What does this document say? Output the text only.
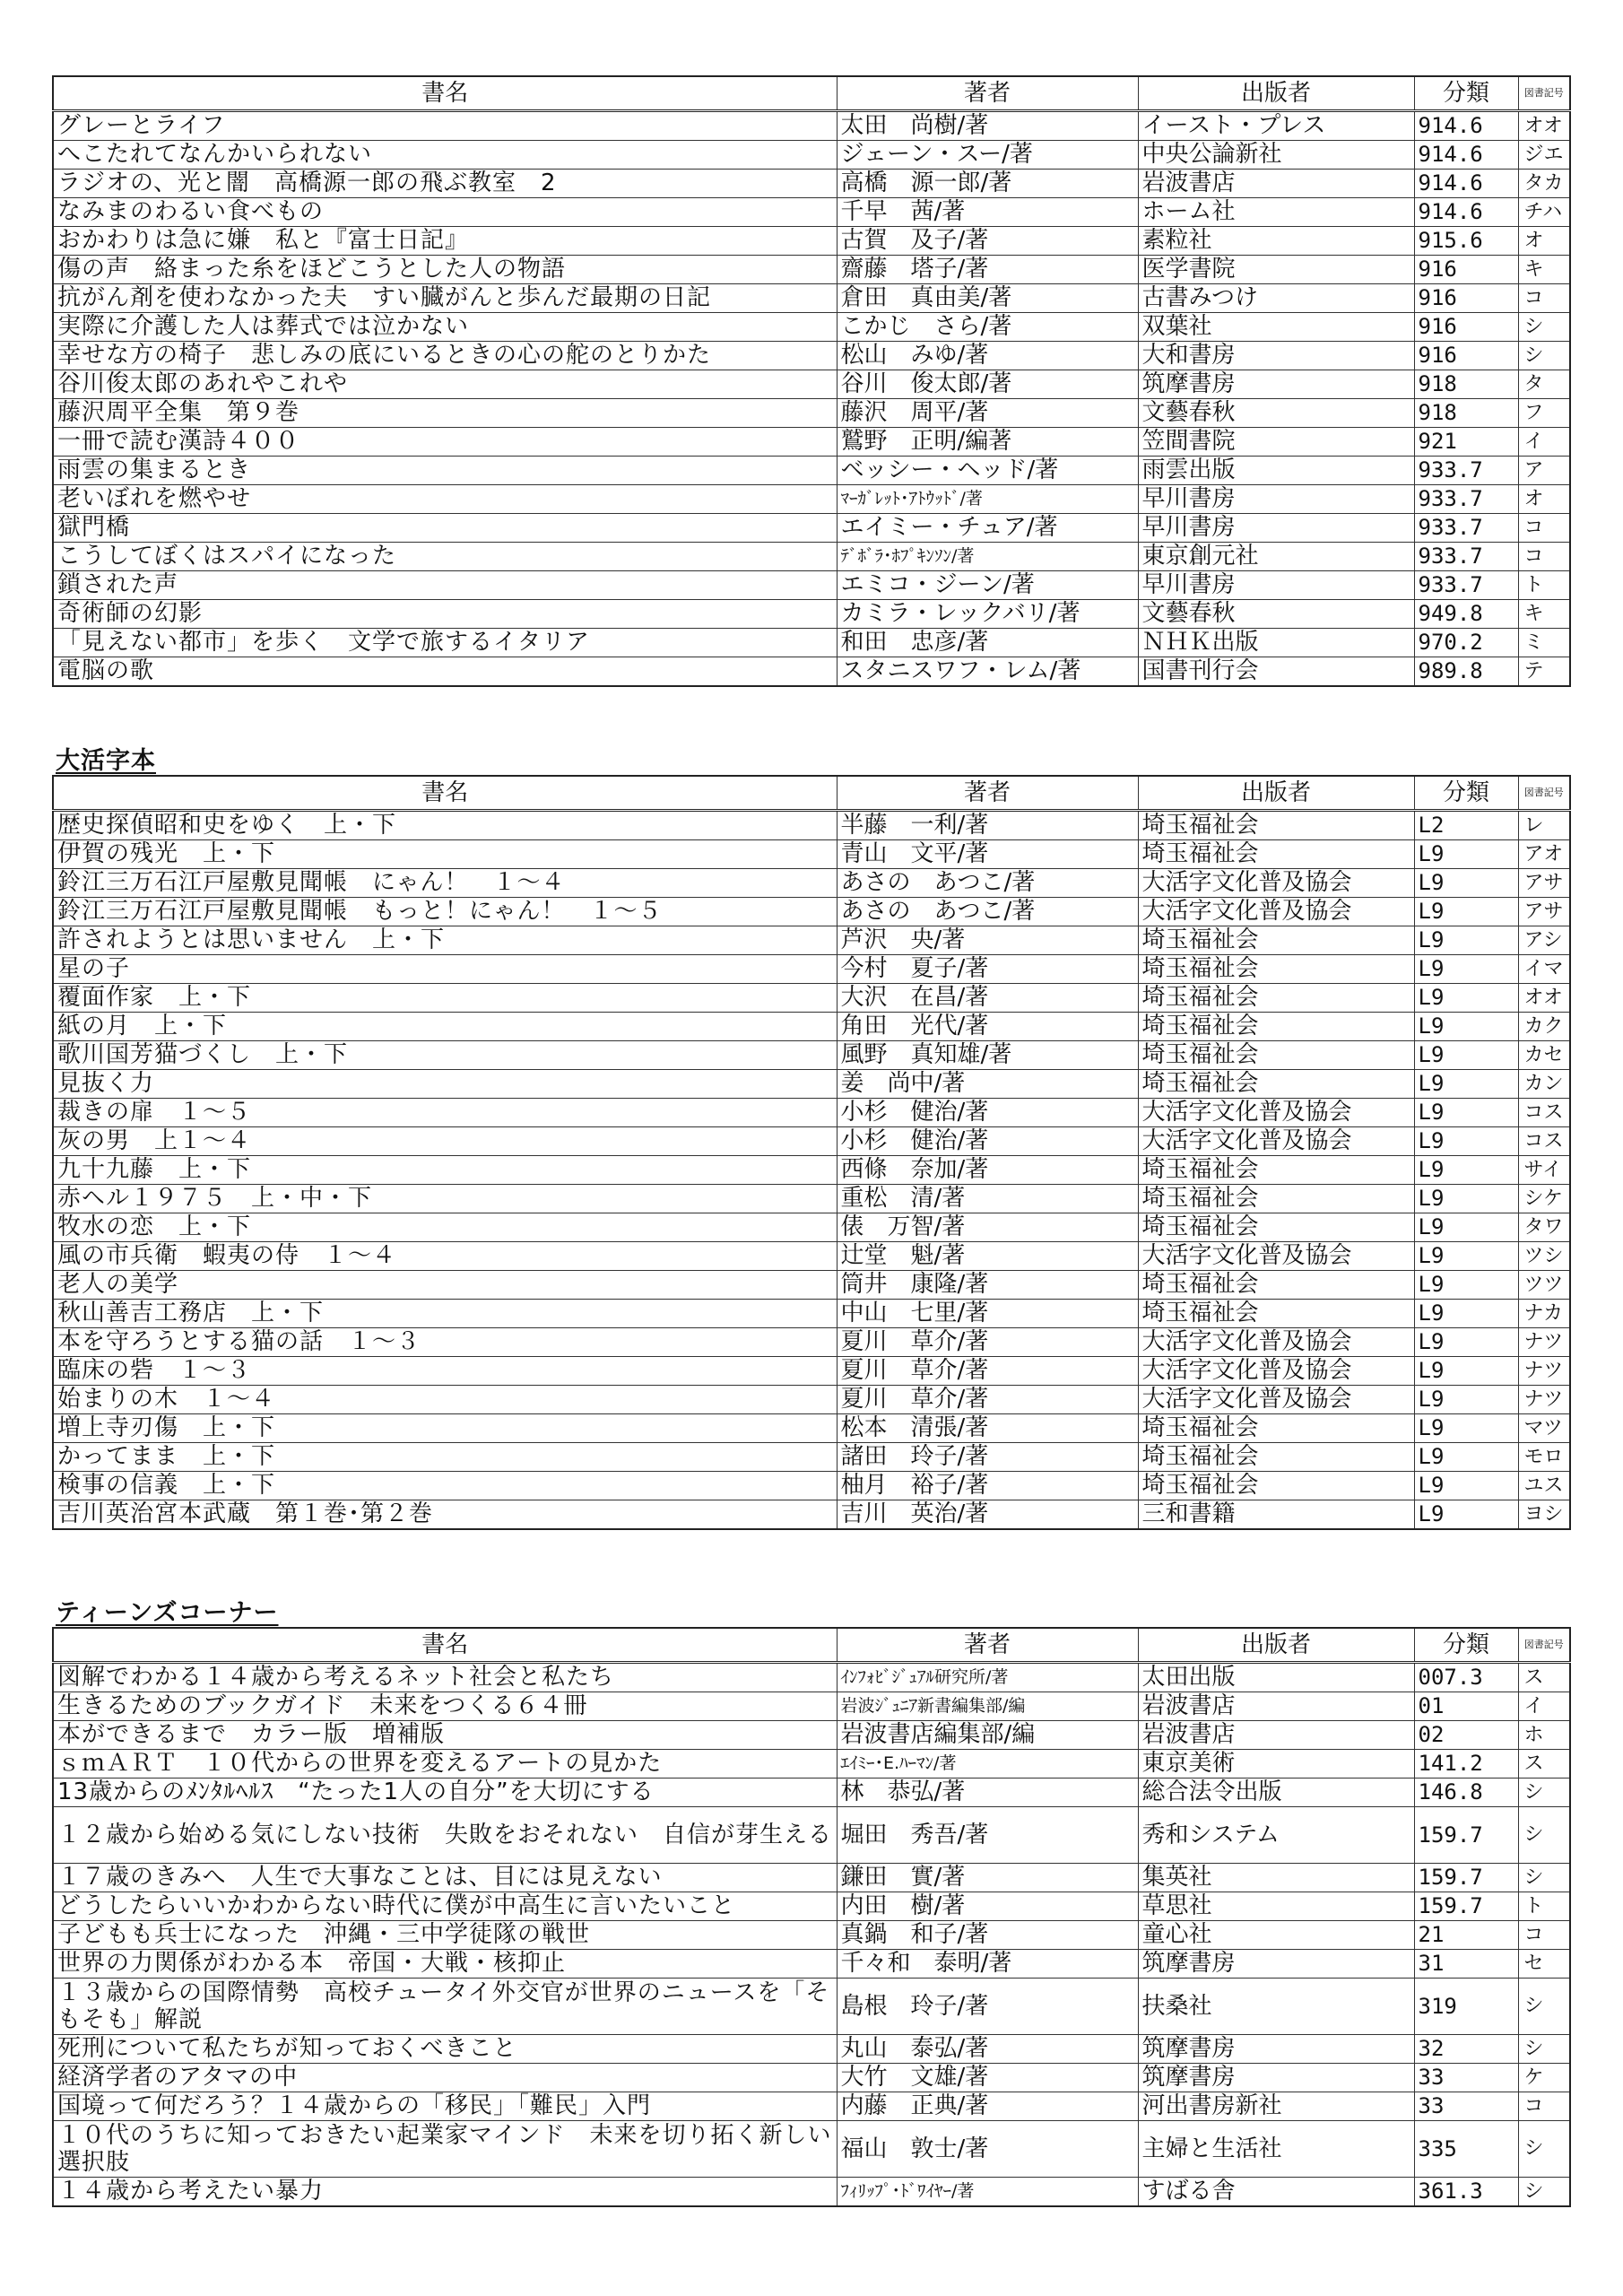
書名	著者	出版者	分類	図書記号
グレーとライフ	太田　尚樹/著	イースト・プレス	914.6	オオ
へこたれてなんかいられない	ジェーン・スー/著	中央公論新社	914.6	ジエ
ラジオの、光と闇　高橋源一郎の飛ぶ教室　2	高橋　源一郎/著	岩波書店	914.6	タカ
なみまのわるい食べもの	千早　茜/著	ホーム社	914.6	チハ
おかわりは急に嫌　私と『富士日記』	古賀　及子/著	素粒社	915.6	オ
傷の声　絡まった糸をほどこうとした人の物語	齋藤　塔子/著	医学書院	916	キ
抗がん剤を使わなかった夫　すい臓がんと歩んだ最期の日記	倉田　真由美/著	古書みつけ	916	コ
実際に介護した人は葬式では泣かない	こかじ　さら/著	双葉社	916	シ
幸せな方の椅子　悲しみの底にいるときの心の舵のとりかた	松山　みゆ/著	大和書房	916	シ
谷川俊太郎のあれやこれや	谷川　俊太郎/著	筑摩書房	918	タ
藤沢周平全集　第９巻	藤沢　周平/著	文藝春秋	918	フ
一冊で読む漢詩４００	鷲野　正明/編著	笠間書院	921	イ
雨雲の集まるとき	ベッシー・ヘッド/著	雨雲出版	933.7	ア
老いぼれを燃やせ	ﾏｰｶﾞﾚｯﾄ･ｱﾄｳｯﾄﾞ/著	早川書房	933.7	オ
獄門橋	エイミー・チュア/著	早川書房	933.7	コ
こうしてぼくはスパイになった	ﾃﾞﾎﾞﾗ･ﾎﾌﾟｷﾝｿﾝ/著	東京創元社	933.7	コ
鎖された声	エミコ・ジーン/著	早川書房	933.7	ト
奇術師の幻影	カミラ・レックバリ/著	文藝春秋	949.8	キ
「見えない都市」を歩く　文学で旅するイタリア	和田　忠彦/著	ＮＨＫ出版	970.2	ミ
電脳の歌	スタニスワフ・レム/著	国書刊行会	989.8	テ
大活字本
書名	著者	出版者	分類	図書記号
歴史探偵昭和史をゆく　上・下	半藤　一利/著	埼玉福祉会	L2	レ
伊賀の残光　上・下	青山　文平/著	埼玉福祉会	L9	アオ
鈴江三万石江戸屋敷見聞帳　にゃん！　１～４	あさの　あつこ/著	大活字文化普及協会	L9	アサ
鈴江三万石江戸屋敷見聞帳　もっと！にゃん！　１～５	あさの　あつこ/著	大活字文化普及協会	L9	アサ
許されようとは思いません　上・下	芦沢　央/著	埼玉福祉会	L9	アシ
星の子	今村　夏子/著	埼玉福祉会	L9	イマ
覆面作家　上・下	大沢　在昌/著	埼玉福祉会	L9	オオ
紙の月　上・下	角田　光代/著	埼玉福祉会	L9	カク
歌川国芳猫づくし　上・下	風野　真知雄/著	埼玉福祉会	L9	カセ
見抜く力	姜　尚中/著	埼玉福祉会	L9	カン
裁きの扉　１～５	小杉　健治/著	大活字文化普及協会	L9	コス
灰の男　上１～４	小杉　健治/著	大活字文化普及協会	L9	コス
九十九藤　上・下	西條　奈加/著	埼玉福祉会	L9	サイ
赤ヘル１９７５　上・中・下	重松　清/著	埼玉福祉会	L9	シケ
牧水の恋　上・下	俵　万智/著	埼玉福祉会	L9	タワ
風の市兵衛　蝦夷の侍　１～４	辻堂　魁/著	大活字文化普及協会	L9	ツシ
老人の美学	筒井　康隆/著	埼玉福祉会	L9	ツツ
秋山善吉工務店　上・下	中山　七里/著	埼玉福祉会	L9	ナカ
本を守ろうとする猫の話　１～３	夏川　草介/著	大活字文化普及協会	L9	ナツ
臨床の砦　１～３	夏川　草介/著	大活字文化普及協会	L9	ナツ
始まりの木　１～４	夏川　草介/著	大活字文化普及協会	L9	ナツ
増上寺刃傷　上・下	松本　清張/著	埼玉福祉会	L9	マツ
かってまま　上・下	諸田　玲子/著	埼玉福祉会	L9	モロ
検事の信義　上・下	柚月　裕子/著	埼玉福祉会	L9	ユス
吉川英治宮本武蔵　第１巻･第２巻	吉川　英治/著	三和書籍	L9	ヨシ
ティーンズコーナー
書名	著者	出版者	分類	図書記号
図解でわかる１４歳から考えるネット社会と私たち	ｲﾝﾌｫﾋﾞｼﾞｭｱﾙ研究所/著	太田出版	007.3	ス
生きるためのブックガイド　未来をつくる６４冊	岩波ｼﾞｭﾆｱ新書編集部/編	岩波書店	01	イ
本ができるまで　カラー版　増補版	岩波書店編集部/編	岩波書店	02	ホ
ｓｍＡＲＴ　１０代からの世界を変えるアートの見かた	ｴｲﾐｰ･E.ﾊｰﾏﾝ/著	東京美術	141.2	ス
13歳からのﾒﾝﾀﾙﾍﾙｽ　“たった1人の自分”を大切にする	林　恭弘/著	総合法令出版	146.8	シ
１２歳から始める気にしない技術　失敗をおそれない　自信が芽生える	堀田　秀吾/著	秀和システム	159.7	シ
１７歳のきみへ　人生で大事なことは、目には見えない	鎌田　實/著	集英社	159.7	シ
どうしたらいいかわからない時代に僕が中高生に言いたいこと	内田　樹/著	草思社	159.7	ト
子どもも兵士になった　沖縄・三中学徒隊の戦世	真鍋　和子/著	童心社	21	コ
世界の力関係がわかる本　帝国・大戦・核抑止	千々和　泰明/著	筑摩書房	31	セ
１３歳からの国際情勢　高校チュータイ外交官が世界のニュースを「そもそも」解説	島根　玲子/著	扶桑社	319	シ
死刑について私たちが知っておくべきこと	丸山　泰弘/著	筑摩書房	32	シ
経済学者のアタマの中	大竹　文雄/著	筑摩書房	33	ケ
国境って何だろう？１４歳からの「移民」「難民」入門	内藤　正典/著	河出書房新社	33	コ
１０代のうちに知っておきたい起業家マインド　未来を切り拓く新しい選択肢	福山　敦士/著	主婦と生活社	335	シ
１４歳から考えたい暴力	ﾌｨﾘｯﾌﾟ･ﾄﾞﾜｲﾔｰ/著	すばる舎	361.3	シ
